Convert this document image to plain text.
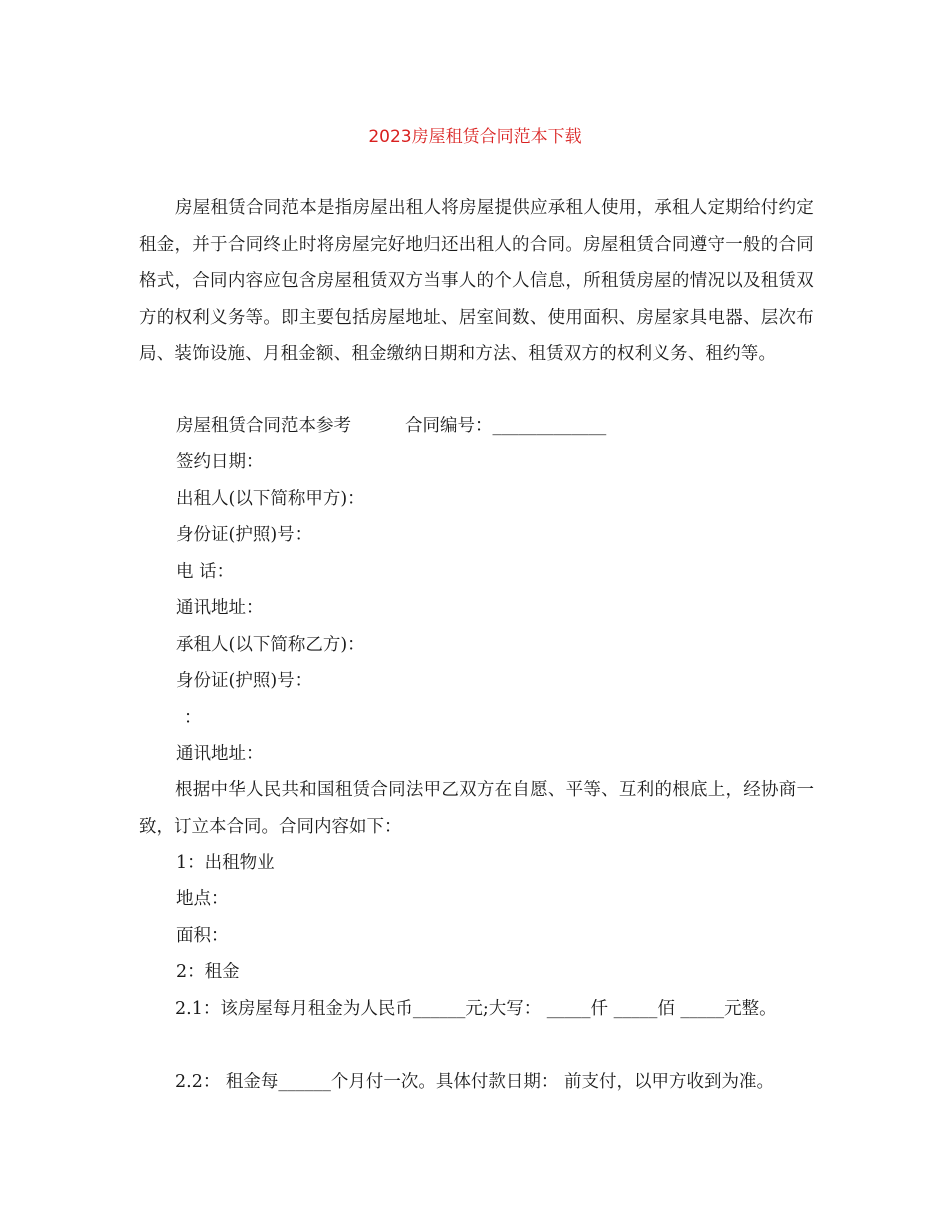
2023房屋租赁合同范本下载
房屋租赁合同范本是指房屋出租人将房屋提供应承租人使用，承租人定期给付约定租金，并于合同终止时将房屋完好地归还出租人的合同。房屋租赁合同遵守一般的合同格式，合同内容应包含房屋租赁双方当事人的个人信息，所租赁房屋的情况以及租赁双方的权利义务等。即主要包括房屋地址、居室间数、使用面积、房屋家具电器、层次布局、装饰设施、月租金额、租金缴纳日期和方法、租赁双方的权利义务、租约等。
房屋租赁合同范本参考	合同编号：_____________
签约日期：
出租人(以下简称甲方)：
身份证(护照)号：
电 话：
通讯地址：
承租人(以下简称乙方)：
身份证(护照)号：
：
通讯地址：
根据中华人民共和国租赁合同法甲乙双方在自愿、平等、互利的根底上，经协商一致，订立本合同。合同内容如下：
1：出租物业
地点：
面积：
2：租金
2.1：该房屋每月租金为人民币______元;大写： _____仟 _____佰 _____元整。
2.2： 租金每______个月付一次。具体付款日期： 前支付，以甲方收到为准。
